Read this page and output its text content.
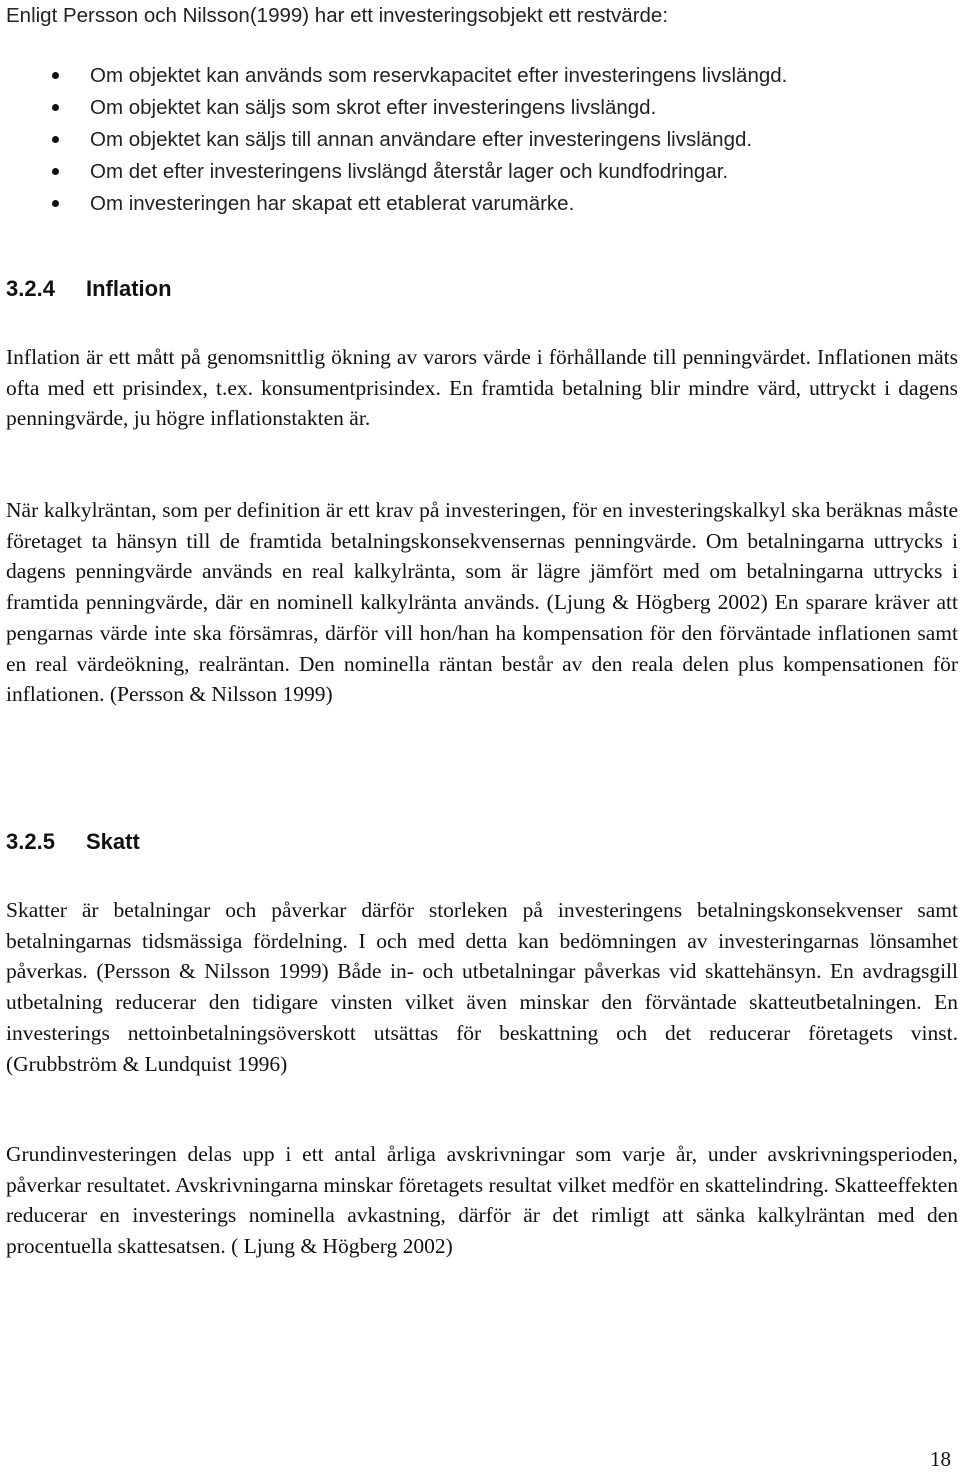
Enligt Persson och Nilsson(1999) har ett investeringsobjekt ett restvärde:
Om objektet kan används som reservkapacitet efter investeringens livslängd.
Om objektet kan säljs som skrot efter investeringens livslängd.
Om objektet kan säljs till annan användare efter investeringens livslängd.
Om det efter investeringens livslängd återstår lager och kundfodringar.
Om investeringen har skapat ett etablerat varumärke.
3.2.4 Inflation

Inflation är ett mått på genomsnittlig ökning av varors värde i förhållande till penningvärdet. Inflationen mäts ofta med ett prisindex, t.ex. konsumentprisindex. En framtida betalning blir mindre värd, uttryckt i dagens penningvärde, ju högre inflationstakten är.

När kalkylräntan, som per definition är ett krav på investeringen, för en investeringskalkyl ska beräknas måste företaget ta hänsyn till de framtida betalningskonsekvensernas penningvärde. Om betalningarna uttrycks i dagens penningvärde används en real kalkylränta, som är lägre jämfört med om betalningarna uttrycks i framtida penningvärde, där en nominell kalkylränta används. (Ljung & Högberg 2002) En sparare kräver att pengarnas värde inte ska försämras, därför vill hon/han ha kompensation för den förväntade inflationen samt en real värdeökning, realräntan. Den nominella räntan består av den reala delen plus kompensationen för inflationen. (Persson & Nilsson 1999)

3.2.5 Skatt

Skatter är betalningar och påverkar därför storleken på investeringens betalningskonsekvenser samt betalningarnas tidsmässiga fördelning. I och med detta kan bedömningen av investeringarnas lönsamhet påverkas. (Persson & Nilsson 1999) Både in- och utbetalningar påverkas vid skattehänsyn. En avdragsgill utbetalning reducerar den tidigare vinsten vilket även minskar den förväntade skatteutbetalningen. En investerings nettoinbetalningsöverskott utsättas för beskattning och det reducerar företagets vinst. (Grubbström & Lundquist 1996)

Grundinvesteringen delas upp i ett antal årliga avskrivningar som varje år, under avskrivningsperioden, påverkar resultatet. Avskrivningarna minskar företagets resultat vilket medför en skattelindring. Skatteeffekten reducerar en investerings nominella avkastning, därför är det rimligt att sänka kalkylräntan med den procentuella skattesatsen. ( Ljung & Högberg 2002)

18
